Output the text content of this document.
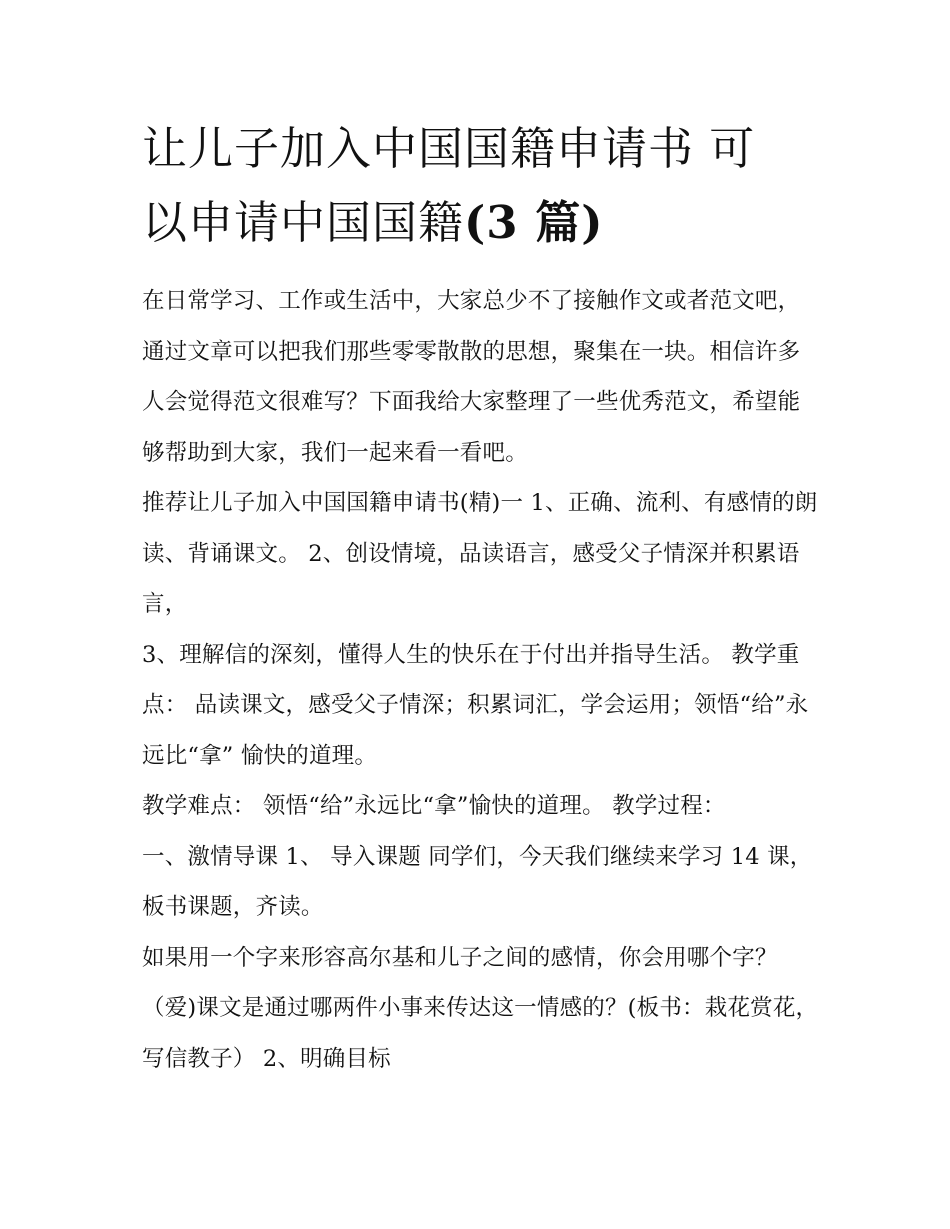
让儿子加入中国国籍申请书 可
以申请中国国籍(3 篇)

在日常学习、工作或生活中，大家总少不了接触作文或者范文吧，通过文章可以把我们那些零零散散的思想，聚集在一块。相信许多人会觉得范文很难写？下面我给大家整理了一些优秀范文，希望能够帮助到大家，我们一起来看一看吧。

推荐让儿子加入中国国籍申请书(精)一 1、正确、流利、有感情的朗读、背诵课文。 2、创设情境，品读语言，感受父子情深并积累语言，

3、理解信的深刻，懂得人生的快乐在于付出并指导生活。 教学重点： 品读课文，感受父子情深；积累词汇，学会运用；领悟“给”永远比“拿” 愉快的道理。

教学难点： 领悟“给”永远比“拿”愉快的道理。 教学过程：

一、激情导课 1、 导入课题 同学们，今天我们继续来学习 14 课，板书课题，齐读。

如果用一个字来形容高尔基和儿子之间的感情，你会用哪个字？（爱)课文是通过哪两件小事来传达这一情感的？(板书：栽花赏花，写信教子） 2、明确目标
